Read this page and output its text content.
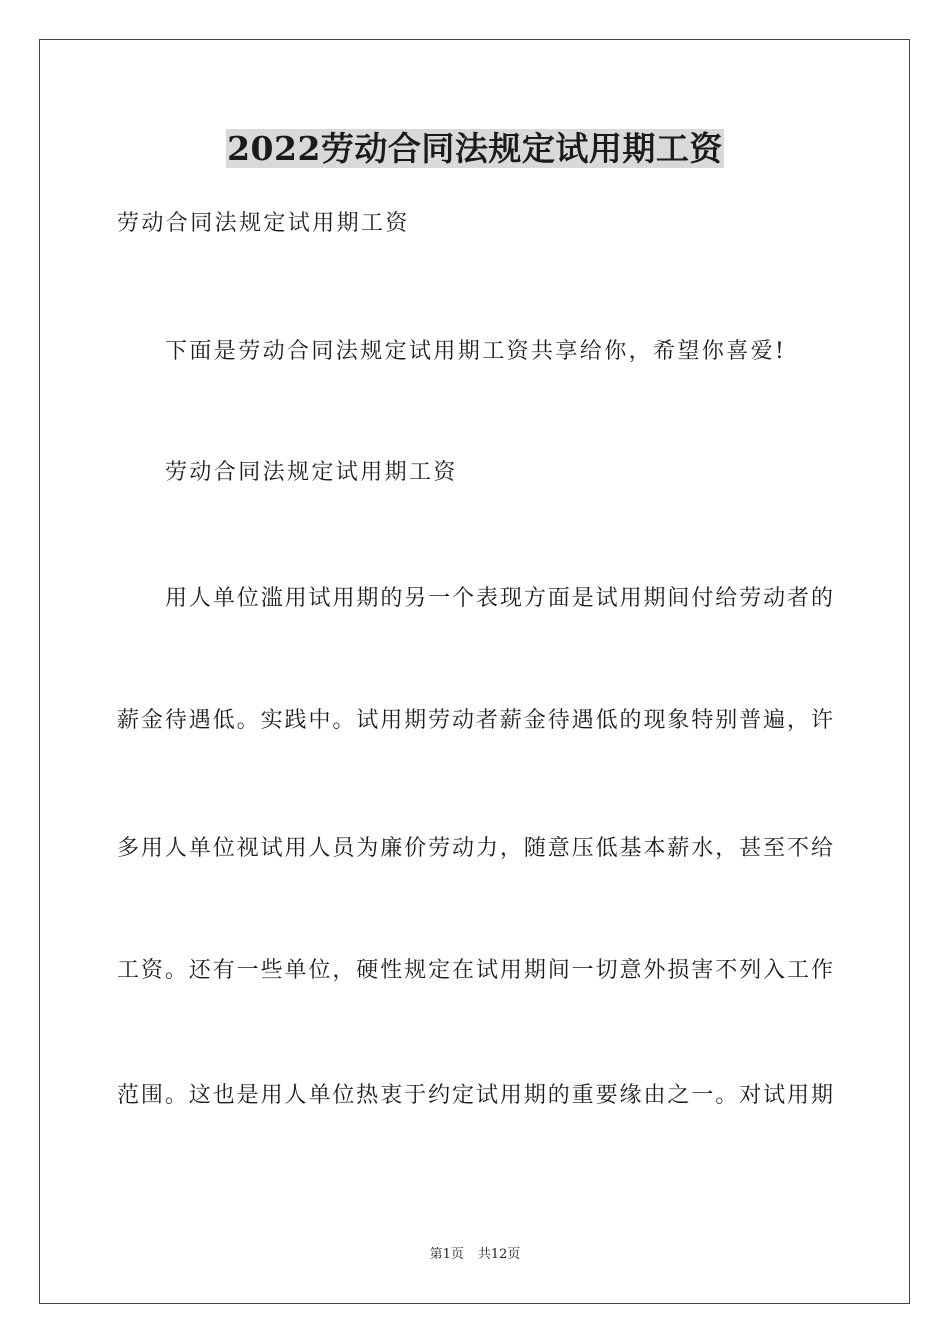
2022劳动合同法规定试用期工资
劳动合同法规定试用期工资
下面是劳动合同法规定试用期工资共享给你，希望你喜爱!
劳动合同法规定试用期工资
用人单位滥用试用期的另一个表现方面是试用期间付给劳动者的
薪金待遇低。实践中。试用期劳动者薪金待遇低的现象特别普遍，许
多用人单位视试用人员为廉价劳动力，随意压低基本薪水，甚至不给
工资。还有一些单位，硬性规定在试用期间一切意外损害不列入工作
范围。这也是用人单位热衷于约定试用期的重要缘由之一。对试用期
第1页 共12页
